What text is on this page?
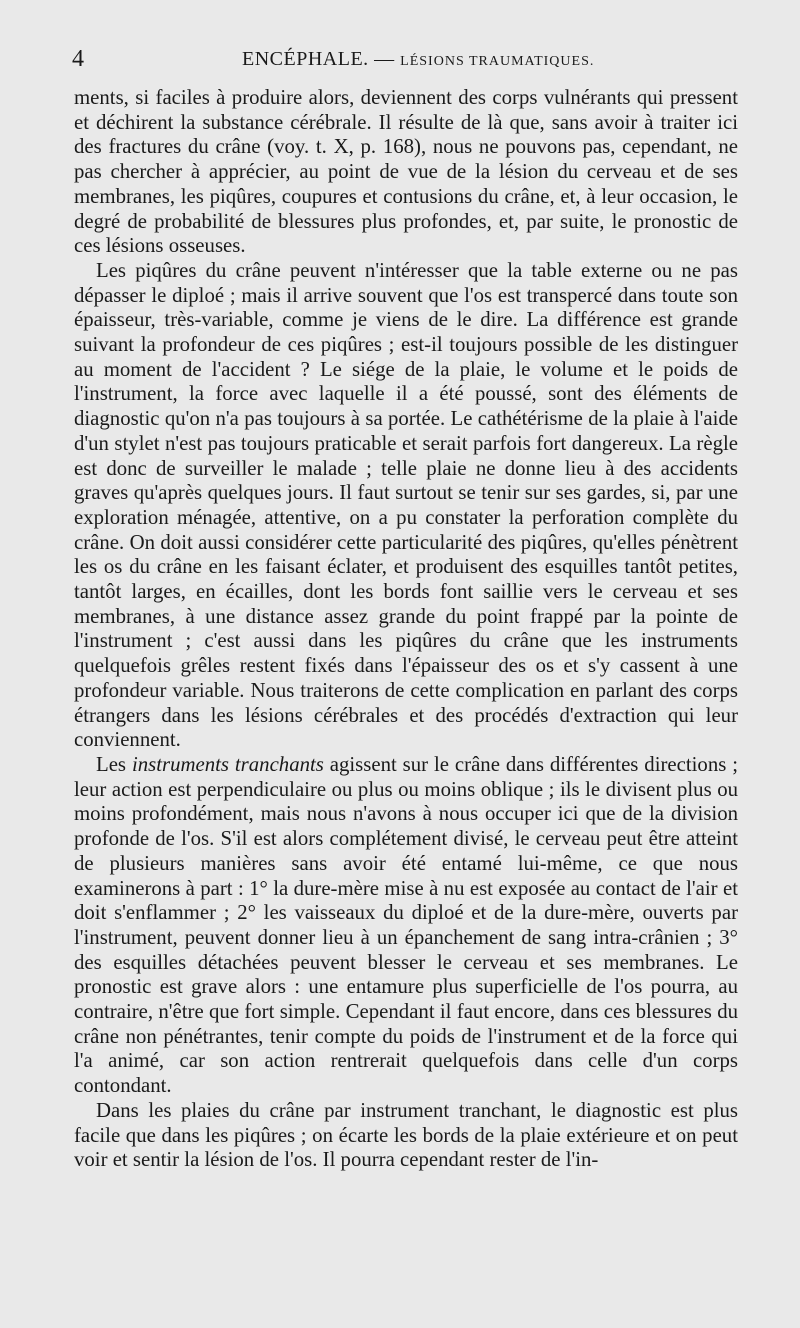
4	ENCÉPHALE. — LÉSIONS TRAUMATIQUES.

ments, si faciles à produire alors, deviennent des corps vulnérants qui pressent et déchirent la substance cérébrale. Il résulte de là que, sans avoir à traiter ici des fractures du crâne (voy. t. X, p. 168), nous ne pouvons pas, cependant, ne pas chercher à apprécier, au point de vue de la lésion du cerveau et de ses membranes, les piqûres, coupures et contusions du crâne, et, à leur occasion, le degré de probabilité de blessures plus profondes, et, par suite, le pronostic de ces lésions osseuses.

Les piqûres du crâne peuvent n'intéresser que la table externe ou ne pas dépasser le diploé ; mais il arrive souvent que l'os est transpercé dans toute son épaisseur, très-variable, comme je viens de le dire. La différence est grande suivant la profondeur de ces piqûres ; est-il toujours possible de les distinguer au moment de l'accident ? Le siége de la plaie, le volume et le poids de l'instrument, la force avec laquelle il a été poussé, sont des éléments de diagnostic qu'on n'a pas toujours à sa portée. Le cathétérisme de la plaie à l'aide d'un stylet n'est pas toujours praticable et serait parfois fort dangereux. La règle est donc de surveiller le malade ; telle plaie ne donne lieu à des accidents graves qu'après quelques jours. Il faut surtout se tenir sur ses gardes, si, par une exploration ménagée, attentive, on a pu constater la perforation complète du crâne. On doit aussi considérer cette particularité des piqûres, qu'elles pénètrent les os du crâne en les faisant éclater, et produisent des esquilles tantôt petites, tantôt larges, en écailles, dont les bords font saillie vers le cerveau et ses membranes, à une distance assez grande du point frappé par la pointe de l'instrument ; c'est aussi dans les piqûres du crâne que les instruments quelquefois grêles restent fixés dans l'épaisseur des os et s'y cassent à une profondeur variable. Nous traiterons de cette complication en parlant des corps étrangers dans les lésions cérébrales et des procédés d'extraction qui leur conviennent.

Les instruments tranchants agissent sur le crâne dans différentes directions ; leur action est perpendiculaire ou plus ou moins oblique ; ils le divisent plus ou moins profondément, mais nous n'avons à nous occuper ici que de la division profonde de l'os. S'il est alors complétement divisé, le cerveau peut être atteint de plusieurs manières sans avoir été entamé lui-même, ce que nous examinerons à part : 1° la dure-mère mise à nu est exposée au contact de l'air et doit s'enflammer ; 2° les vaisseaux du diploé et de la dure-mère, ouverts par l'instrument, peuvent donner lieu à un épanchement de sang intra-crânien ; 3° des esquilles détachées peuvent blesser le cerveau et ses membranes. Le pronostic est grave alors : une entamure plus superficielle de l'os pourra, au contraire, n'être que fort simple. Cependant il faut encore, dans ces blessures du crâne non pénétrantes, tenir compte du poids de l'instrument et de la force qui l'a animé, car son action rentrerait quelquefois dans celle d'un corps contondant.

Dans les plaies du crâne par instrument tranchant, le diagnostic est plus facile que dans les piqûres ; on écarte les bords de la plaie extérieure et on peut voir et sentir la lésion de l'os. Il pourra cependant rester de l'in-
